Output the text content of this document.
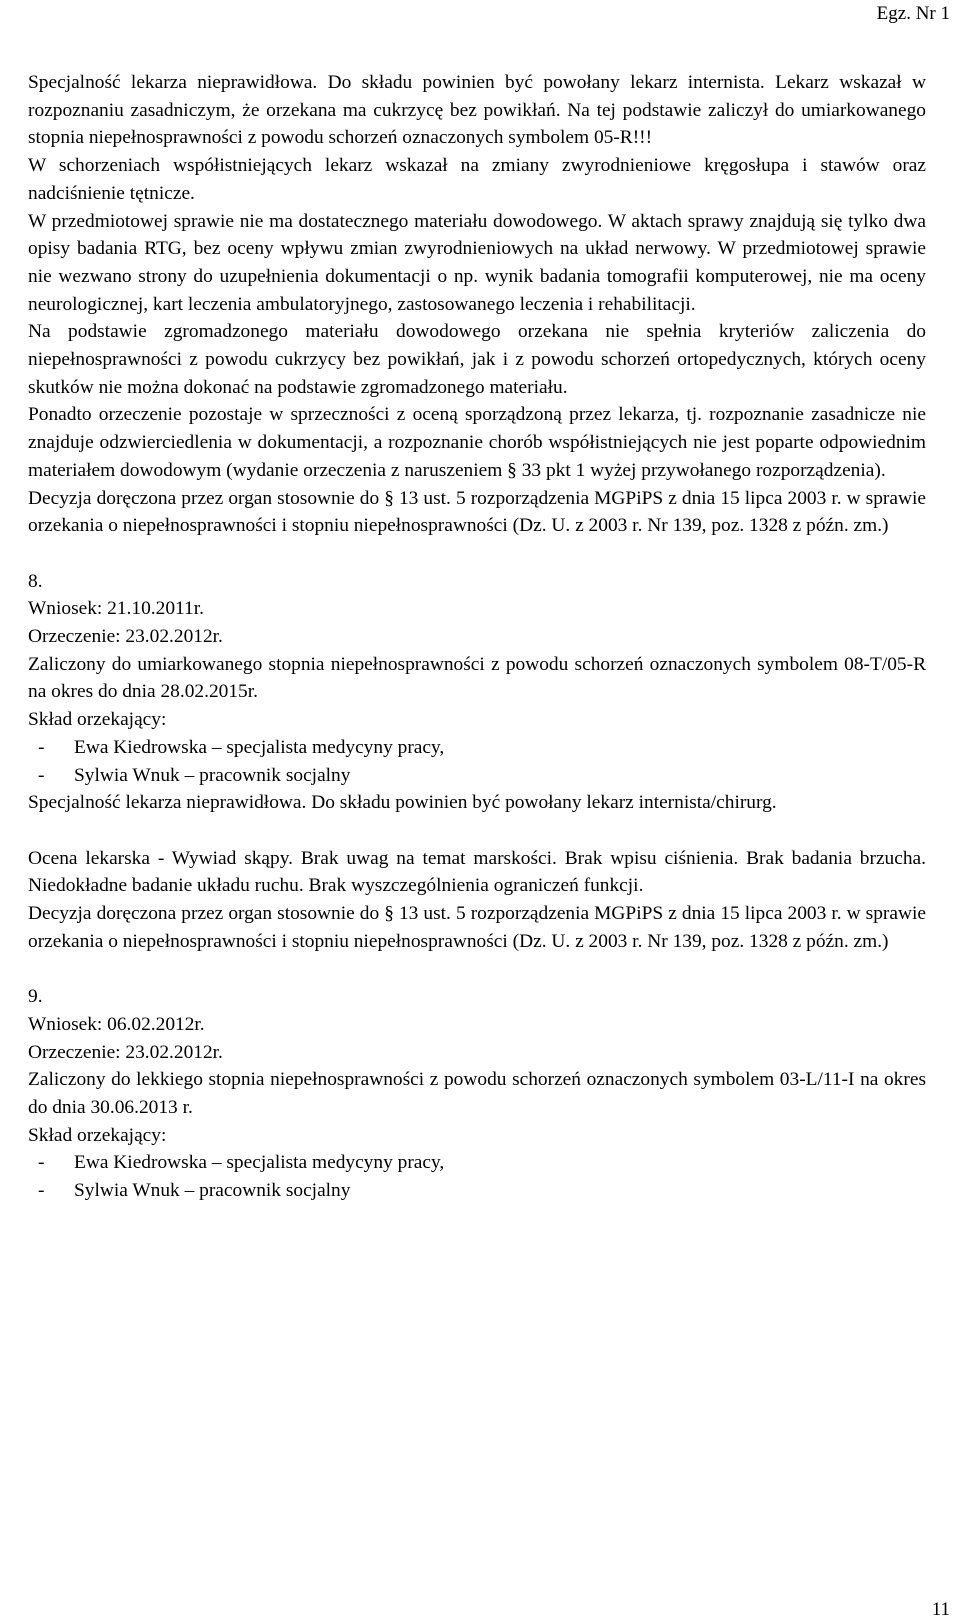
Egz. Nr 1

Specjalność lekarza nieprawidłowa. Do składu powinien być powołany lekarz internista. Lekarz wskazał w rozpoznaniu zasadniczym, że orzekana ma cukrzycę bez powikłań. Na tej podstawie zaliczył do umiarkowanego stopnia niepełnosprawności z powodu schorzeń oznaczonych symbolem 05-R!!!

W schorzeniach współistniejących lekarz wskazał na zmiany zwyrodnieniowe kręgosłupa i stawów oraz nadciśnienie tętnicze.

W przedmiotowej sprawie nie ma dostatecznego materiału dowodowego. W aktach sprawy znajdują się tylko dwa opisy badania RTG, bez oceny wpływu zmian zwyrodnieniowych na układ nerwowy. W przedmiotowej sprawie nie wezwano strony do uzupełnienia dokumentacji o np. wynik badania tomografii komputerowej, nie ma oceny neurologicznej, kart leczenia ambulatoryjnego, zastosowanego leczenia i rehabilitacji.

Na podstawie zgromadzonego materiału dowodowego orzekana nie spełnia kryteriów zaliczenia do niepełnosprawności z powodu cukrzycy bez powikłań, jak i z powodu schorzeń ortopedycznych, których oceny skutków nie można dokonać na podstawie zgromadzonego materiału.

Ponadto orzeczenie pozostaje w sprzeczności z oceną sporządzoną przez lekarza, tj. rozpoznanie zasadnicze nie znajduje odzwierciedlenia w dokumentacji, a rozpoznanie chorób współistniejących nie jest poparte odpowiednim materiałem dowodowym (wydanie orzeczenia z naruszeniem § 33 pkt 1 wyżej przywołanego rozporządzenia).

Decyzja doręczona przez organ stosownie do § 13 ust. 5 rozporządzenia MGPiPS z dnia 15 lipca 2003 r. w sprawie orzekania o niepełnosprawności i stopniu niepełnosprawności (Dz. U. z 2003 r. Nr 139, poz. 1328 z późn. zm.)

8.

Wniosek: 21.10.2011r.

Orzeczenie: 23.02.2012r.

Zaliczony do umiarkowanego stopnia niepełnosprawności z powodu schorzeń oznaczonych symbolem 08-T/05-R na okres do dnia 28.02.2015r.

Skład orzekający:

-	Ewa Kiedrowska – specjalista medycyny pracy,
-	Sylwia Wnuk – pracownik socjalny

Specjalność lekarza nieprawidłowa. Do składu powinien być powołany lekarz internista/chirurg.

Ocena lekarska - Wywiad skąpy. Brak uwag na temat marskości. Brak wpisu ciśnienia. Brak badania brzucha. Niedokładne badanie układu ruchu. Brak wyszczególnienia ograniczeń funkcji.

Decyzja doręczona przez organ stosownie do § 13 ust. 5 rozporządzenia MGPiPS z dnia 15 lipca 2003 r. w sprawie orzekania o niepełnosprawności i stopniu niepełnosprawności (Dz. U. z 2003 r. Nr 139, poz. 1328 z późn. zm.)

9.

Wniosek: 06.02.2012r.

Orzeczenie: 23.02.2012r.

Zaliczony do lekkiego stopnia niepełnosprawności z powodu schorzeń oznaczonych symbolem 03-L/11-I na okres do dnia 30.06.2013 r.

Skład orzekający:

-	Ewa Kiedrowska – specjalista medycyny pracy,
-	Sylwia Wnuk – pracownik socjalny
11
